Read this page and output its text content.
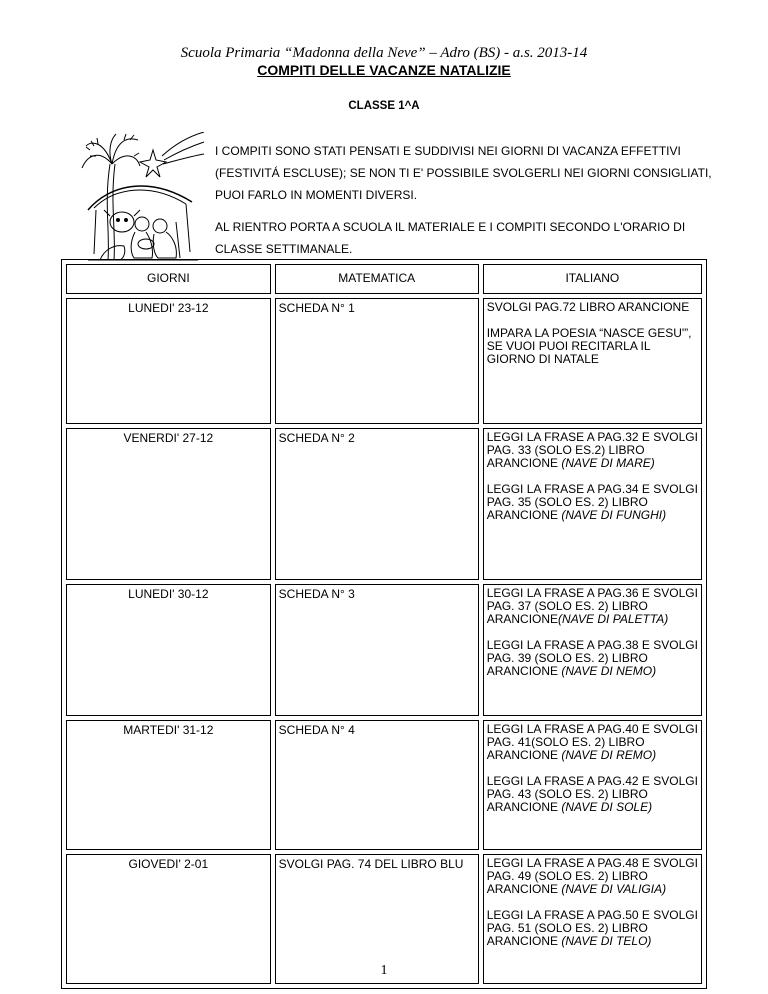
Scuola Primaria “Madonna della Neve” – Adro (BS) - a.s. 2013-14
COMPITI DELLE VACANZE NATALIZIE
CLASSE 1^A

I COMPITI SONO STATI PENSATI E SUDDIVISI NEI GIORNI DI VACANZA EFFETTIVI (FESTIVITÁ ESCLUSE); SE NON TI E' POSSIBILE SVOLGERLI NEI GIORNI CONSIGLIATI, PUOI FARLO IN MOMENTI DIVERSI.

AL RIENTRO PORTA A SCUOLA IL MATERIALE E I COMPITI SECONDO L'ORARIO DI CLASSE SETTIMANALE.

GIORNI	MATEMATICA	ITALIANO
LUNEDI' 23-12	SCHEDA N° 1	SVOLGI PAG.72 LIBRO ARANCIONE
IMPARA LA POESIA “NASCE GESU'”, SE VUOI PUOI RECITARLA IL GIORNO DI NATALE

VENERDI' 27-12	SCHEDA N° 2	LEGGI LA FRASE A PAG.32 E SVOLGI PAG. 33 (SOLO ES.2) LIBRO ARANCIONE (NAVE DI MARE)
LEGGI LA FRASE A PAG.34 E SVOLGI PAG. 35 (SOLO ES. 2) LIBRO ARANCIONE (NAVE DI FUNGHI)

LUNEDI' 30-12	SCHEDA N° 3	LEGGI LA FRASE A PAG.36 E SVOLGI PAG. 37 (SOLO ES. 2) LIBRO ARANCIONE(NAVE DI PALETTA)
LEGGI LA FRASE A PAG.38 E SVOLGI PAG. 39 (SOLO ES. 2) LIBRO ARANCIONE (NAVE DI NEMO)

MARTEDI' 31-12	SCHEDA N° 4	LEGGI LA FRASE A PAG.40 E SVOLGI PAG. 41(SOLO ES. 2) LIBRO ARANCIONE (NAVE DI REMO)
LEGGI LA FRASE A PAG.42 E SVOLGI PAG. 43 (SOLO ES. 2) LIBRO ARANCIONE (NAVE DI SOLE)

GIOVEDI' 2-01	SVOLGI PAG. 74 DEL LIBRO BLU	LEGGI LA FRASE A PAG.48 E SVOLGI PAG. 49 (SOLO ES. 2) LIBRO ARANCIONE (NAVE DI VALIGIA)
LEGGI LA FRASE A PAG.50 E SVOLGI PAG. 51 (SOLO ES. 2) LIBRO ARANCIONE (NAVE DI TELO)
1
